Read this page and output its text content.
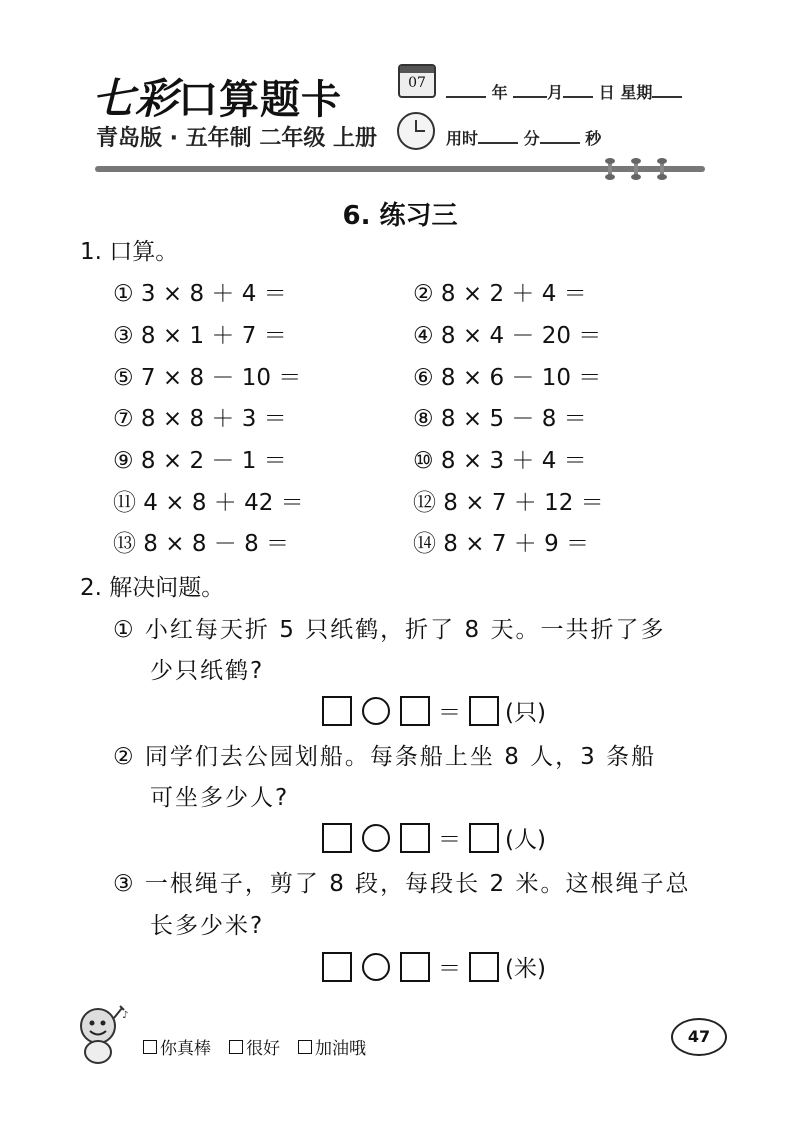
七彩口算题卡
青岛版 · 五年制 二年级 上册
07	年 月 日 星期
用时	分	秒
6. 练习三
1. 口算。
① 3 × 8 ＋ 4 ＝	② 8 × 2 ＋ 4 ＝
③ 8 × 1 ＋ 7 ＝	④ 8 × 4 － 20 ＝
⑤ 7 × 8 － 10 ＝	⑥ 8 × 6 － 10 ＝
⑦ 8 × 8 ＋ 3 ＝	⑧ 8 × 5 － 8 ＝
⑨ 8 × 2 － 1 ＝	⑩ 8 × 3 ＋ 4 ＝
⑪ 4 × 8 ＋ 42 ＝	⑫ 8 × 7 ＋ 12 ＝
⑬ 8 × 8 － 8 ＝	⑭ 8 × 7 ＋ 9 ＝
2. 解决问题。
① 小红每天折 5 只纸鹤，折了 8 天。一共折了多
少只纸鹤?
＝ (只)
② 同学们去公园划船。每条船上坐 8 人，3 条船
可坐多少人?
＝ (人)
③ 一根绳子，剪了 8 段，每段长 2 米。这根绳子总
长多少米?
＝ (米)
♪
你真棒 很好 加油哦
47
